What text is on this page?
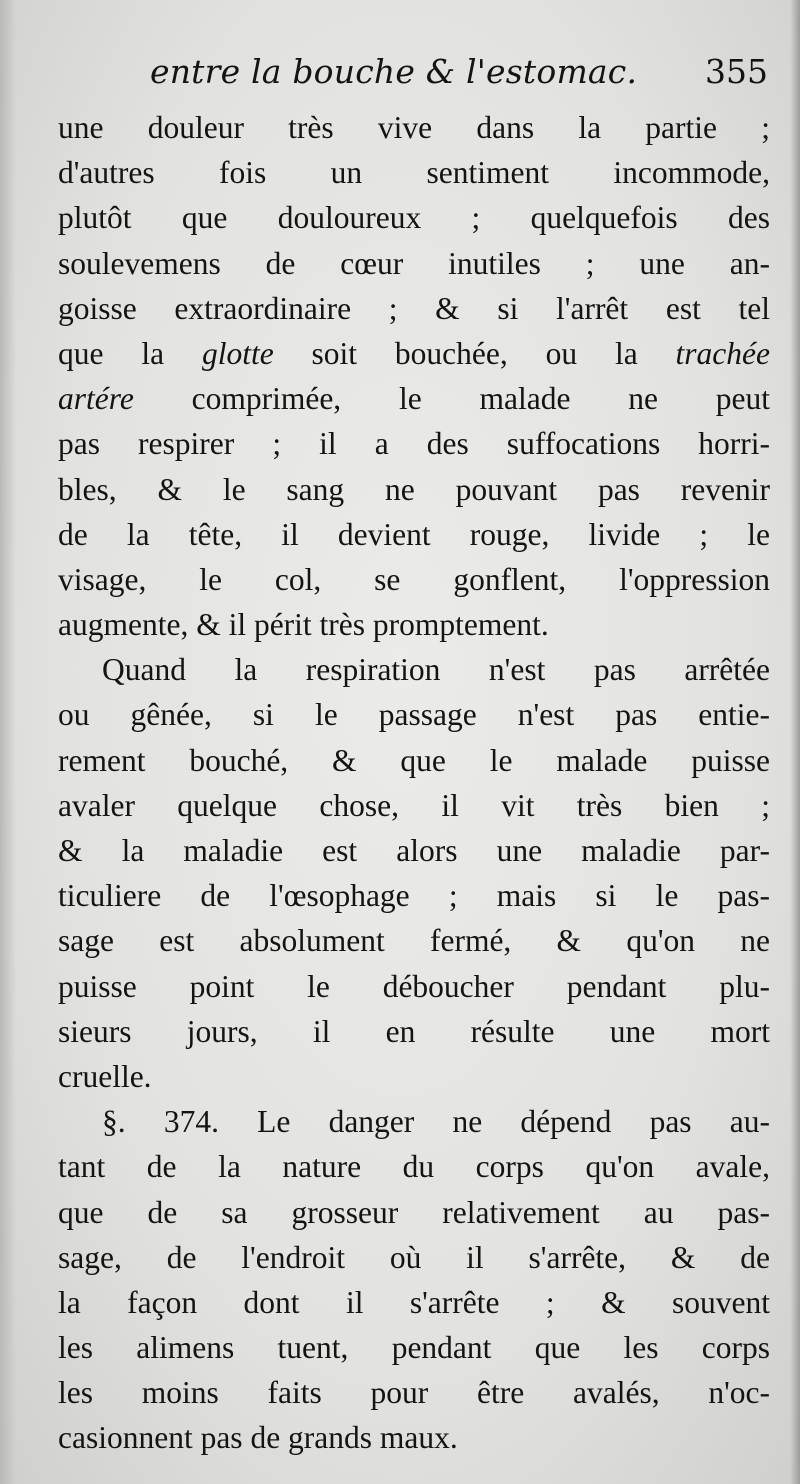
entre la bouche & l'estomac. 355
une douleur très vive dans la partie ;
d'autres fois un sentiment incommode,
plutôt que douloureux ; quelquefois des
soulevemens de cœur inutiles ; une an-
goisse extraordinaire ; & si l'arrêt est tel
que la glotte soit bouchée, ou la trachée
artére comprimée, le malade ne peut
pas respirer ; il a des suffocations horri-
bles, & le sang ne pouvant pas revenir
de la tête, il devient rouge, livide ; le
visage, le col, se gonflent, l'oppression
augmente, & il périt très promptement.
Quand la respiration n'est pas arrêtée
ou gênée, si le passage n'est pas entie-
rement bouché, & que le malade puisse
avaler quelque chose, il vit très bien ;
& la maladie est alors une maladie par-
ticuliere de l'œsophage ; mais si le pas-
sage est absolument fermé, & qu'on ne
puisse point le déboucher pendant plu-
sieurs jours, il en résulte une mort
cruelle.
§. 374. Le danger ne dépend pas au-
tant de la nature du corps qu'on avale,
que de sa grosseur relativement au pas-
sage, de l'endroit où il s'arrête, & de
la façon dont il s'arrête ; & souvent
les alimens tuent, pendant que les corps
les moins faits pour être avalés, n'oc-
casionnent pas de grands maux.
